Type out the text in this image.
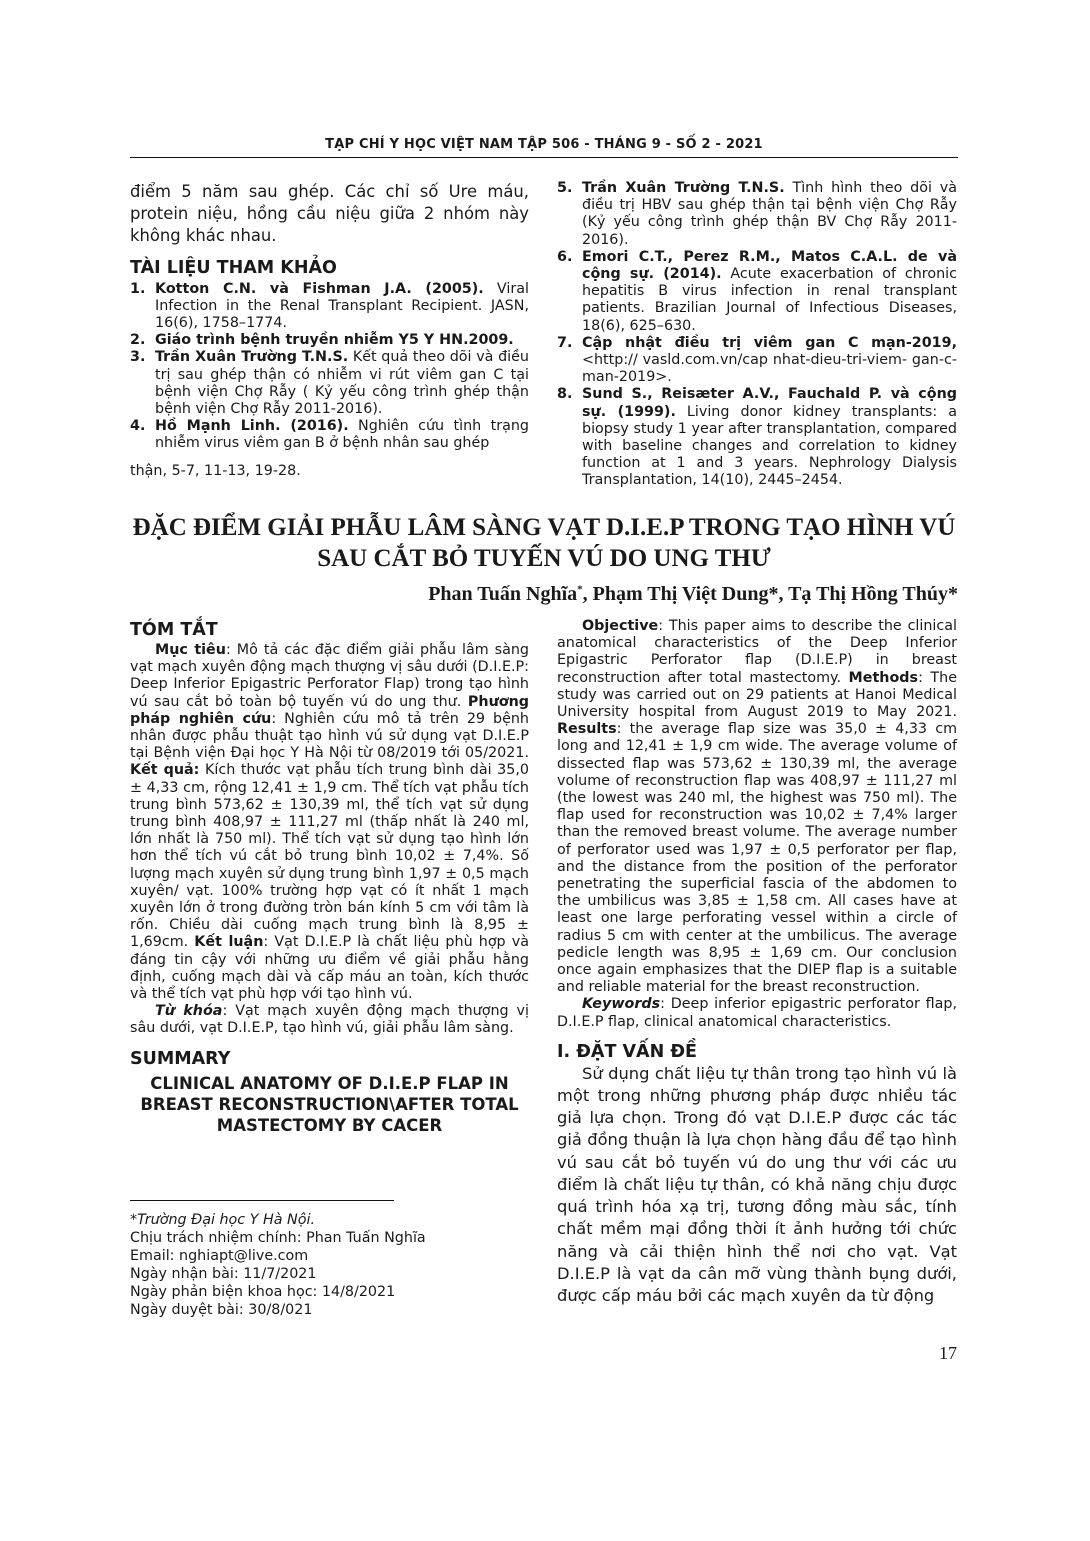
TẠP CHÍ Y HỌC VIỆT NAM TẬP 506 - THÁNG 9 - SỐ 2 - 2021

điểm 5 năm sau ghép. Các chỉ số Ure máu, protein niệu, hồng cầu niệu giữa 2 nhóm này không khác nhau.

TÀI LIỆU THAM KHẢO

1. Kotton C.N. và Fishman J.A. (2005). Viral Infection in the Renal Transplant Recipient. JASN, 16(6), 1758–1774.

2. Giáo trình bệnh truyền nhiễm Y5 Y HN.2009.

3. Trần Xuân Trường T.N.S. Kết quả theo dõi và điều trị sau ghép thận có nhiễm vi rút viêm gan C tại bệnh viện Chợ Rẫy ( Kỷ yếu công trình ghép thận bệnh viện Chợ Rẫy 2011-2016).

4. Hồ Mạnh Linh. (2016). Nghiên cứu tình trạng nhiễm virus viêm gan B ở bệnh nhân sau ghép

thận, 5-7, 11-13, 19-28.

5. Trần Xuân Trường T.N.S. Tình hình theo dõi và điều trị HBV sau ghép thận tại bệnh viện Chợ Rẫy (Kỷ yếu công trình ghép thận BV Chợ Rẫy 2011-2016).

6. Emori C.T., Perez R.M., Matos C.A.L. de và cộng sự. (2014). Acute exacerbation of chronic hepatitis B virus infection in renal transplant patients. Brazilian Journal of Infectious Diseases, 18(6), 625–630.

7. Cập nhật điều trị viêm gan C mạn-2019, <http:// vasld.com.vn/cap nhat-dieu-tri-viem- gan-c-man-2019>.

8. Sund S., Reisæter A.V., Fauchald P. và cộng sự. (1999). Living donor kidney transplants: a biopsy study 1 year after transplantation, compared with baseline changes and correlation to kidney function at 1 and 3 years. Nephrology Dialysis Transplantation, 14(10), 2445–2454.

ĐẶC ĐIỂM GIẢI PHẪU LÂM SÀNG VẠT D.I.E.P TRONG TẠO HÌNH VÚ
SAU CẮT BỎ TUYẾN VÚ DO UNG THƯ
Phan Tuấn Nghĩa*, Phạm Thị Việt Dung*, Tạ Thị Hồng Thúy*
TÓM TẮT

Mục tiêu: Mô tả các đặc điểm giải phẫu lâm sàng vạt mạch xuyên động mạch thượng vị sâu dưới (D.I.E.P: Deep Inferior Epigastric Perforator Flap) trong tạo hình vú sau cắt bỏ toàn bộ tuyến vú do ung thư. Phương pháp nghiên cứu: Nghiên cứu mô tả trên 29 bệnh nhân được phẫu thuật tạo hình vú sử dụng vạt D.I.E.P tại Bệnh viện Đại học Y Hà Nội từ 08/2019 tới 05/2021. Kết quả: Kích thước vạt phẫu tích trung bình dài 35,0 ± 4,33 cm, rộng 12,41 ± 1,9 cm. Thể tích vạt phẫu tích trung bình 573,62 ± 130,39 ml, thể tích vạt sử dụng trung bình 408,97 ± 111,27 ml (thấp nhất là 240 ml, lớn nhất là 750 ml). Thể tích vạt sử dụng tạo hình lớn hơn thể tích vú cắt bỏ trung bình 10,02 ± 7,4%. Số lượng mạch xuyên sử dụng trung bình 1,97 ± 0,5 mạch xuyên/ vạt. 100% trường hợp vạt có ít nhất 1 mạch xuyên lớn ở trong đường tròn bán kính 5 cm với tâm là rốn. Chiều dài cuống mạch trung bình là 8,95 ± 1,69cm. Kết luận: Vạt D.I.E.P là chất liệu phù hợp và đáng tin cậy với những ưu điểm về giải phẫu hằng định, cuống mạch dài và cấp máu an toàn, kích thước và thể tích vạt phù hợp với tạo hình vú.

Từ khóa: Vạt mạch xuyên động mạch thượng vị sâu dưới, vạt D.I.E.P, tạo hình vú, giải phẫu lâm sàng.

SUMMARY
CLINICAL ANATOMY OF D.I.E.P FLAP IN BREAST RECONSTRUCTION\AFTER TOTAL MASTECTOMY BY CACER
*Trường Đại học Y Hà Nội.
Chịu trách nhiệm chính: Phan Tuấn Nghĩa
Email: nghiapt@live.com
Ngày nhận bài: 11/7/2021
Ngày phản biện khoa học: 14/8/2021
Ngày duyệt bài: 30/8/021

Objective: This paper aims to describe the clinical anatomical characteristics of the Deep Inferior Epigastric Perforator flap (D.I.E.P) in breast reconstruction after total mastectomy. Methods: The study was carried out on 29 patients at Hanoi Medical University hospital from August 2019 to May 2021. Results: the average flap size was 35,0 ± 4,33 cm long and 12,41 ± 1,9 cm wide. The average volume of dissected flap was 573,62 ± 130,39 ml, the average volume of reconstruction flap was 408,97 ± 111,27 ml (the lowest was 240 ml, the highest was 750 ml). The flap used for reconstruction was 10,02 ± 7,4% larger than the removed breast volume. The average number of perforator used was 1,97 ± 0,5 perforator per flap, and the distance from the position of the perforator penetrating the superficial fascia of the abdomen to the umbilicus was 3,85 ± 1,58 cm. All cases have at least one large perforating vessel within a circle of radius 5 cm with center at the umbilicus. The average pedicle length was 8,95 ± 1,69 cm. Our conclusion once again emphasizes that the DIEP flap is a suitable and reliable material for the breast reconstruction.

Keywords: Deep inferior epigastric perforator flap, D.I.E.P flap, clinical anatomical characteristics.

I. ĐẶT VẤN ĐỀ

Sử dụng chất liệu tự thân trong tạo hình vú là một trong những phương pháp được nhiều tác giả lựa chọn. Trong đó vạt D.I.E.P được các tác giả đồng thuận là lựa chọn hàng đầu để tạo hình vú sau cắt bỏ tuyến vú do ung thư với các ưu điểm là chất liệu tự thân, có khả năng chịu được quá trình hóa xạ trị, tương đồng màu sắc, tính chất mềm mại đồng thời ít ảnh hưởng tới chức năng và cải thiện hình thể nơi cho vạt. Vạt D.I.E.P là vạt da cân mỡ vùng thành bụng dưới, được cấp máu bởi các mạch xuyên da từ động

17
